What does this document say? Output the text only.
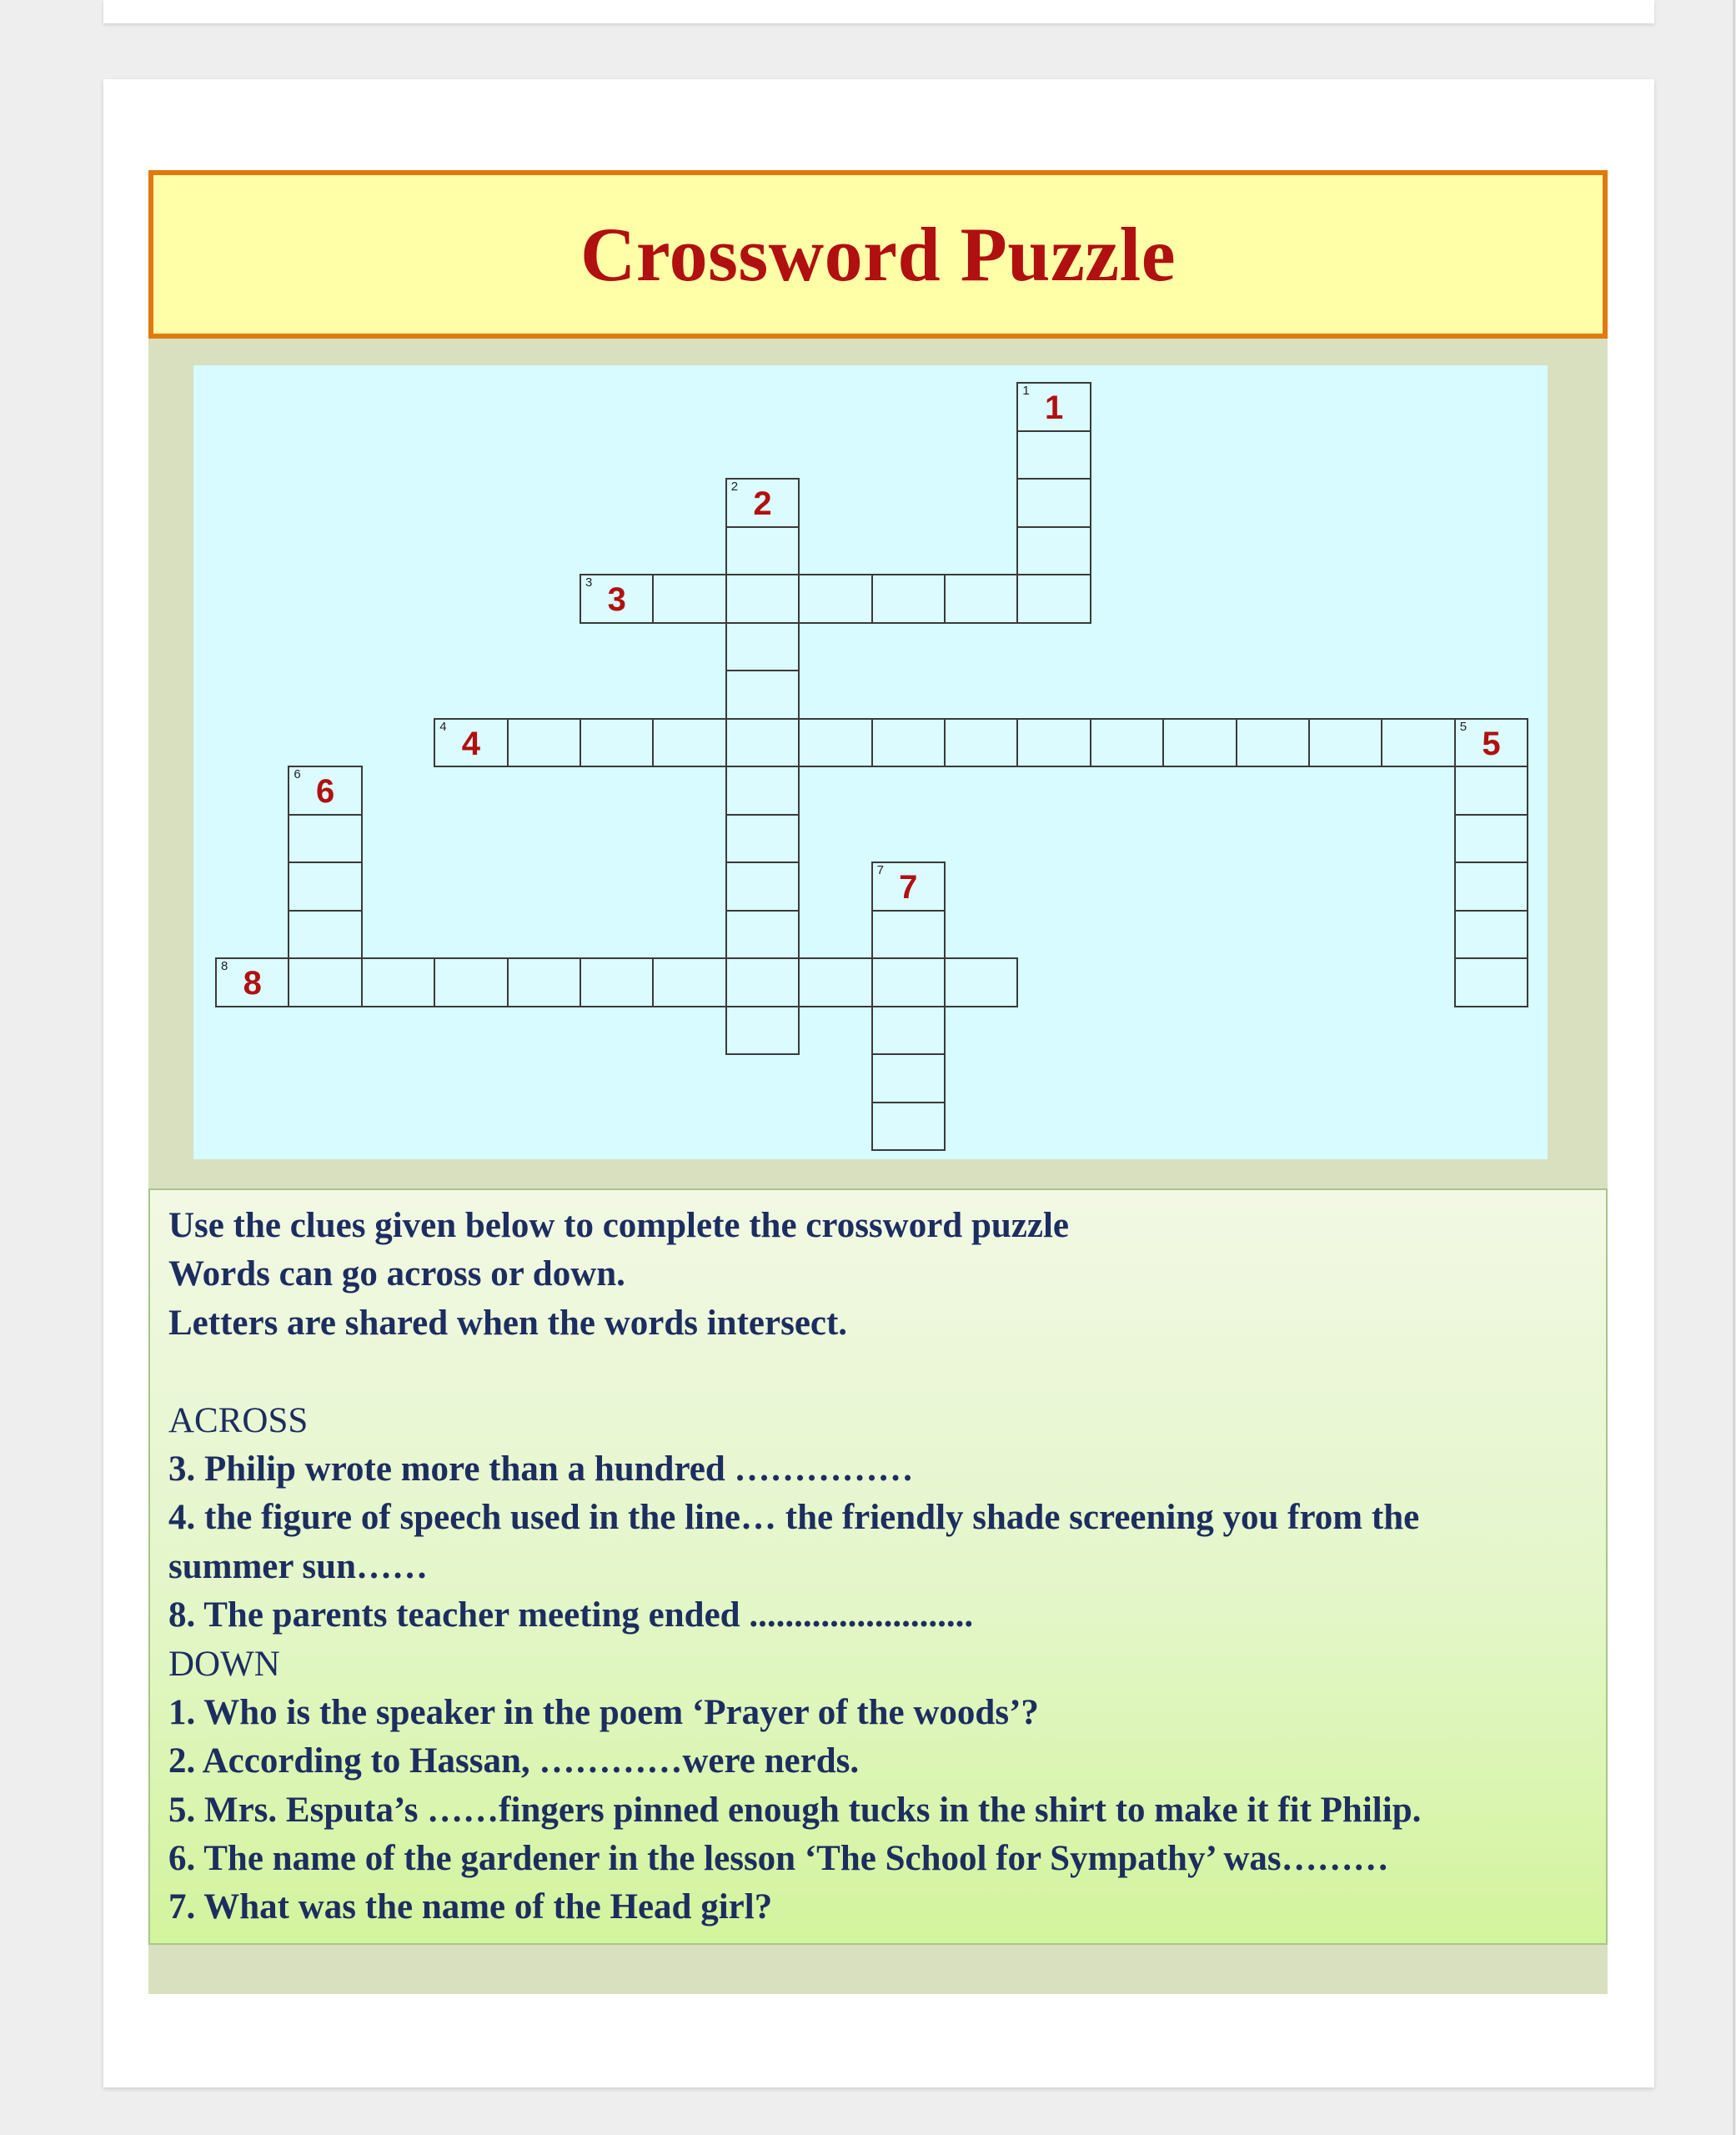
Crossword Puzzle
1 1
2 2
3 3
4 4	5 5
6 6
7 7
8 8
Use the clues given below to complete the crossword puzzle
Words can go across or down.
Letters are shared when the words intersect.
ACROSS
3. Philip wrote more than a hundred ……………
4. the figure of speech used in the line… the friendly shade screening you from the
summer sun……
8. The parents teacher meeting ended .........................
DOWN
1. Who is the speaker in the poem ‘Prayer of the woods’?
2. According to Hassan, …………were nerds.
5. Mrs. Esputa’s ……fingers pinned enough tucks in the shirt to make it fit Philip.
6. The name of the gardener in the lesson ‘The School for Sympathy’ was………
7. What was the name of the Head girl?
